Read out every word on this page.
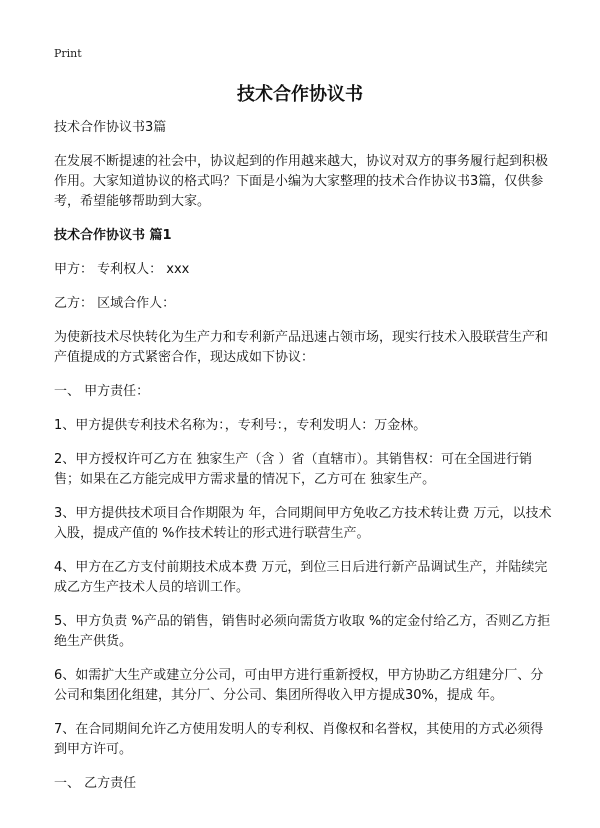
Print
技术合作协议书

技术合作协议书3篇

在发展不断提速的社会中，协议起到的作用越来越大，协议对双方的事务履行起到积极作用。大家知道协议的格式吗？下面是小编为大家整理的技术合作协议书3篇，仅供参考，希望能够帮助到大家。

技术合作协议书 篇1

甲方： 专利权人： xxx

乙方： 区域合作人：

为使新技术尽快转化为生产力和专利新产品迅速占领市场，现实行技术入股联营生产和产值提成的方式紧密合作，现达成如下协议：

一、 甲方责任：

1、甲方提供专利技术名称为：，专利号：，专利发明人：万金林。

2、甲方授权许可乙方在 独家生产（含 ）省（直辖市）。其销售权：可在全国进行销售；如果在乙方能完成甲方需求量的情况下，乙方可在 独家生产。

3、甲方提供技术项目合作期限为 年，合同期间甲方免收乙方技术转让费 万元，以技术入股，提成产值的 %作技术转让的形式进行联营生产。

4、甲方在乙方支付前期技术成本费 万元，到位三日后进行新产品调试生产，并陆续完成乙方生产技术人员的培训工作。

5、甲方负责 %产品的销售，销售时必须向需货方收取 %的定金付给乙方，否则乙方拒绝生产供货。

6、如需扩大生产或建立分公司，可由甲方进行重新授权，甲方协助乙方组建分厂、分公司和集团化组建，其分厂、分公司、集团所得收入甲方提成30%，提成 年。

7、在合同期间允许乙方使用发明人的专利权、肖像权和名誉权，其使用的方式必须得到甲方许可。

一、 乙方责任
